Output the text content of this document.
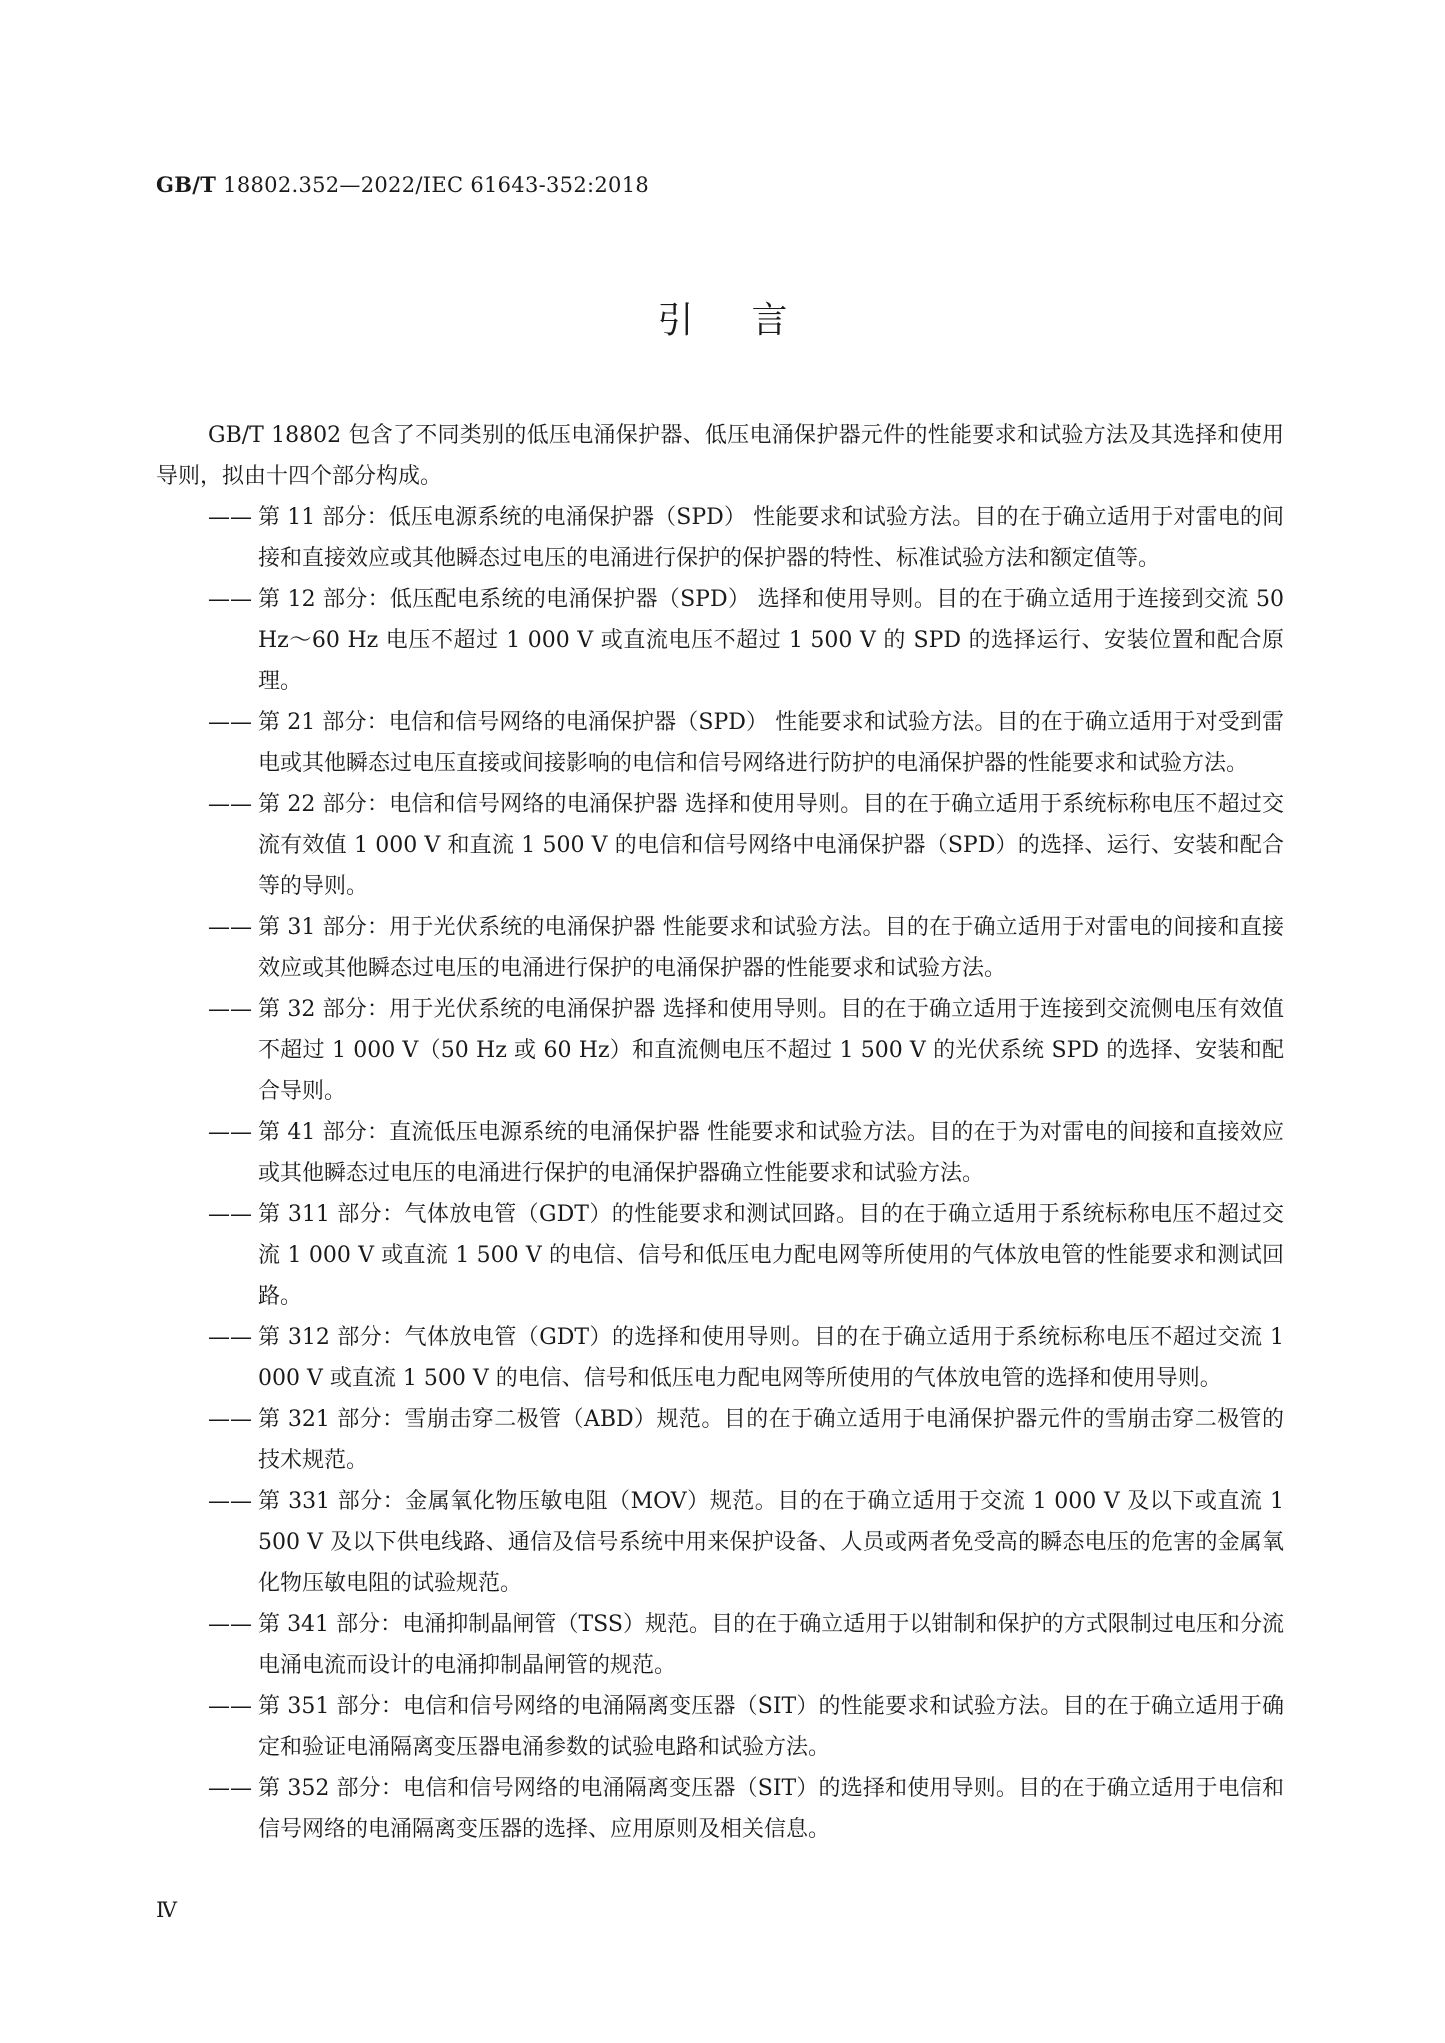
GB/T 18802.352—2022/IEC 61643-352:2018
引言

GB/T 18802 包含了不同类别的低压电涌保护器、低压电涌保护器元件的性能要求和试验方法及其选择和使用导则，拟由十四个部分构成。

—— 第 11 部分：低压电源系统的电涌保护器（SPD） 性能要求和试验方法。目的在于确立适用于对雷电的间接和直接效应或其他瞬态过电压的电涌进行保护的保护器的特性、标准试验方法和额定值等。
—— 第 12 部分：低压配电系统的电涌保护器（SPD） 选择和使用导则。目的在于确立适用于连接到交流 50 Hz～60 Hz 电压不超过 1 000 V 或直流电压不超过 1 500 V 的 SPD 的选择运行、安装位置和配合原理。
—— 第 21 部分：电信和信号网络的电涌保护器（SPD） 性能要求和试验方法。目的在于确立适用于对受到雷电或其他瞬态过电压直接或间接影响的电信和信号网络进行防护的电涌保护器的性能要求和试验方法。
—— 第 22 部分：电信和信号网络的电涌保护器 选择和使用导则。目的在于确立适用于系统标称电压不超过交流有效值 1 000 V 和直流 1 500 V 的电信和信号网络中电涌保护器（SPD）的选择、运行、安装和配合等的导则。
—— 第 31 部分：用于光伏系统的电涌保护器 性能要求和试验方法。目的在于确立适用于对雷电的间接和直接效应或其他瞬态过电压的电涌进行保护的电涌保护器的性能要求和试验方法。
—— 第 32 部分：用于光伏系统的电涌保护器 选择和使用导则。目的在于确立适用于连接到交流侧电压有效值不超过 1 000 V（50 Hz 或 60 Hz）和直流侧电压不超过 1 500 V 的光伏系统 SPD 的选择、安装和配合导则。
—— 第 41 部分：直流低压电源系统的电涌保护器 性能要求和试验方法。目的在于为对雷电的间接和直接效应或其他瞬态过电压的电涌进行保护的电涌保护器确立性能要求和试验方法。
—— 第 311 部分：气体放电管（GDT）的性能要求和测试回路。目的在于确立适用于系统标称电压不超过交流 1 000 V 或直流 1 500 V 的电信、信号和低压电力配电网等所使用的气体放电管的性能要求和测试回路。
—— 第 312 部分：气体放电管（GDT）的选择和使用导则。目的在于确立适用于系统标称电压不超过交流 1 000 V 或直流 1 500 V 的电信、信号和低压电力配电网等所使用的气体放电管的选择和使用导则。
—— 第 321 部分：雪崩击穿二极管（ABD）规范。目的在于确立适用于电涌保护器元件的雪崩击穿二极管的技术规范。
—— 第 331 部分：金属氧化物压敏电阻（MOV）规范。目的在于确立适用于交流 1 000 V 及以下或直流 1 500 V 及以下供电线路、通信及信号系统中用来保护设备、人员或两者免受高的瞬态电压的危害的金属氧化物压敏电阻的试验规范。
—— 第 341 部分：电涌抑制晶闸管（TSS）规范。目的在于确立适用于以钳制和保护的方式限制过电压和分流电涌电流而设计的电涌抑制晶闸管的规范。
—— 第 351 部分：电信和信号网络的电涌隔离变压器（SIT）的性能要求和试验方法。目的在于确立适用于确定和验证电涌隔离变压器电涌参数的试验电路和试验方法。
—— 第 352 部分：电信和信号网络的电涌隔离变压器（SIT）的选择和使用导则。目的在于确立适用于电信和信号网络的电涌隔离变压器的选择、应用原则及相关信息。
Ⅳ
